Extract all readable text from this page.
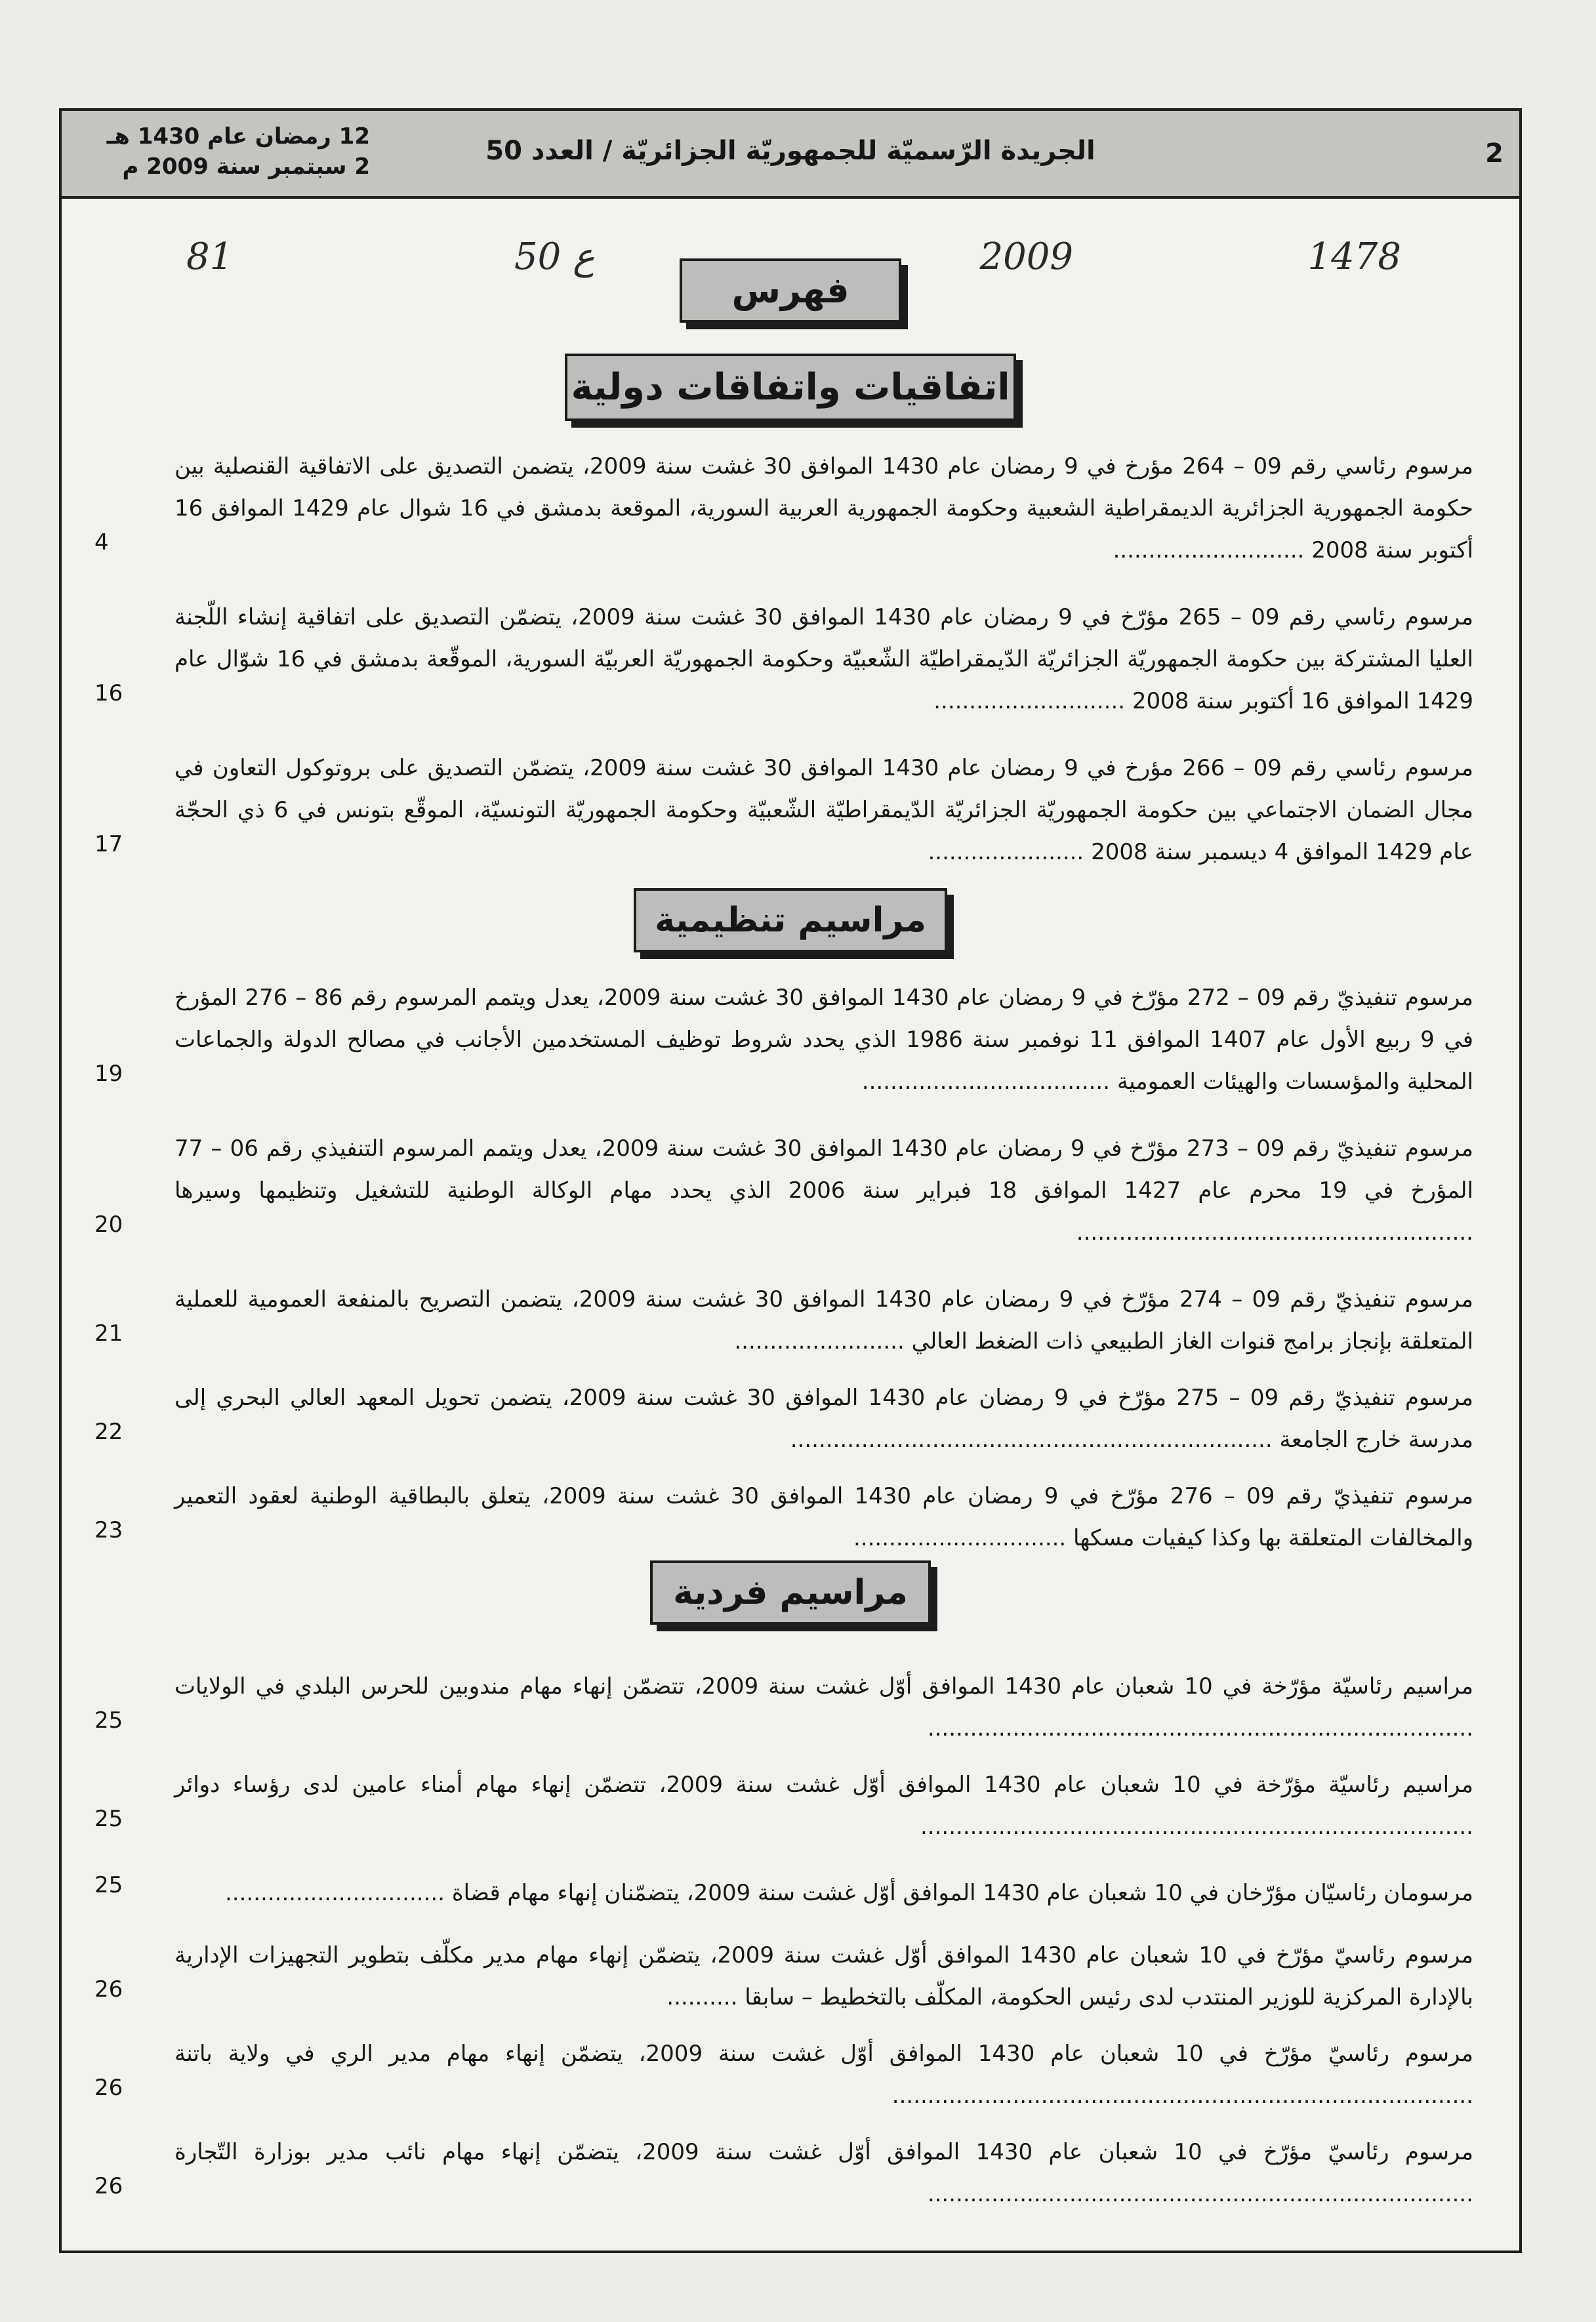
2
الجريدة الرّسميّة للجمهوريّة الجزائريّة / العدد 50
12 رمضان عام 1430 هـ
2 سبتمبر سنة 2009 م
1478
2009
50 ع
81
فهرس
اتفاقيات واتفاقات دولية
مرسوم رئاسي رقم 09 – 264 مؤرخ في 9 رمضان عام 1430 الموافق 30 غشت سنة 2009، يتضمن التصديق على الاتفاقية القنصلية بين حكومة الجمهورية الجزائرية الديمقراطية الشعبية وحكومة الجمهورية العربية السورية، الموقعة بدمشق في 16 شوال عام 1429 الموافق 16 أكتوبر سنة 2008 ...........................
4
مرسوم رئاسي رقم 09 – 265 مؤرّخ في 9 رمضان عام 1430 الموافق 30 غشت سنة 2009، يتضمّن التصديق على اتفاقية إنشاء اللّجنة العليا المشتركة بين حكومة الجمهوريّة الجزائريّة الدّيمقراطيّة الشّعبيّة وحكومة الجمهوريّة العربيّة السورية، الموقّعة بدمشق في 16 شوّال عام 1429 الموافق 16 أكتوبر سنة 2008 ...........................
16
مرسوم رئاسي رقم 09 – 266 مؤرخ في 9 رمضان عام 1430 الموافق 30 غشت سنة 2009، يتضمّن التصديق على بروتوكول التعاون في مجال الضمان الاجتماعي بين حكومة الجمهوريّة الجزائريّة الدّيمقراطيّة الشّعبيّة وحكومة الجمهوريّة التونسيّة، الموقّع بتونس في 6 ذي الحجّة عام 1429 الموافق 4 ديسمبر سنة 2008 ......................
17
مراسيم تنظيمية
مرسوم تنفيذيّ رقم 09 – 272 مؤرّخ في 9 رمضان عام 1430 الموافق 30 غشت سنة 2009، يعدل ويتمم المرسوم رقم 86 – 276 المؤرخ في 9 ربيع الأول عام 1407 الموافق 11 نوفمبر سنة 1986 الذي يحدد شروط توظيف المستخدمين الأجانب في مصالح الدولة والجماعات المحلية والمؤسسات والهيئات العمومية ...................................
19
مرسوم تنفيذيّ رقم 09 – 273 مؤرّخ في 9 رمضان عام 1430 الموافق 30 غشت سنة 2009، يعدل ويتمم المرسوم التنفيذي رقم 06 – 77 المؤرخ في 19 محرم عام 1427 الموافق 18 فبراير سنة 2006 الذي يحدد مهام الوكالة الوطنية للتشغيل وتنظيمها وسيرها ........................................................
20
مرسوم تنفيذيّ رقم 09 – 274 مؤرّخ في 9 رمضان عام 1430 الموافق 30 غشت سنة 2009، يتضمن التصريح بالمنفعة العمومية للعملية المتعلقة بإنجاز برامج قنوات الغاز الطبيعي ذات الضغط العالي ........................
21
مرسوم تنفيذيّ رقم 09 – 275 مؤرّخ في 9 رمضان عام 1430 الموافق 30 غشت سنة 2009، يتضمن تحويل المعهد العالي البحري إلى مدرسة خارج الجامعة ....................................................................
22
مرسوم تنفيذيّ رقم 09 – 276 مؤرّخ في 9 رمضان عام 1430 الموافق 30 غشت سنة 2009، يتعلق بالبطاقية الوطنية لعقود التعمير والمخالفات المتعلقة بها وكذا كيفيات مسكها ..............................
23
مراسيم فردية
مراسيم رئاسيّة مؤرّخة في 10 شعبان عام 1430 الموافق أوّل غشت سنة 2009، تتضمّن إنهاء مهام مندوبين للحرس البلدي في الولايات .............................................................................
25
مراسيم رئاسيّة مؤرّخة في 10 شعبان عام 1430 الموافق أوّل غشت سنة 2009، تتضمّن إنهاء مهام أمناء عامين لدى رؤساء دوائر ..............................................................................
25
مرسومان رئاسيّان مؤرّخان في 10 شعبان عام 1430 الموافق أوّل غشت سنة 2009، يتضمّنان إنهاء مهام قضاة ...............................
25
مرسوم رئاسيّ مؤرّخ في 10 شعبان عام 1430 الموافق أوّل غشت سنة 2009، يتضمّن إنهاء مهام مدير مكلّف بتطوير التجهيزات الإدارية بالإدارة المركزية للوزير المنتدب لدى رئيس الحكومة، المكلّف بالتخطيط – سابقا ..........
26
مرسوم رئاسيّ مؤرّخ في 10 شعبان عام 1430 الموافق أوّل غشت سنة 2009، يتضمّن إنهاء مهام مدير الري في ولاية باتنة ..................................................................................
26
مرسوم رئاسيّ مؤرّخ في 10 شعبان عام 1430 الموافق أوّل غشت سنة 2009، يتضمّن إنهاء مهام نائب مدير بوزارة التّجارة .............................................................................
26
